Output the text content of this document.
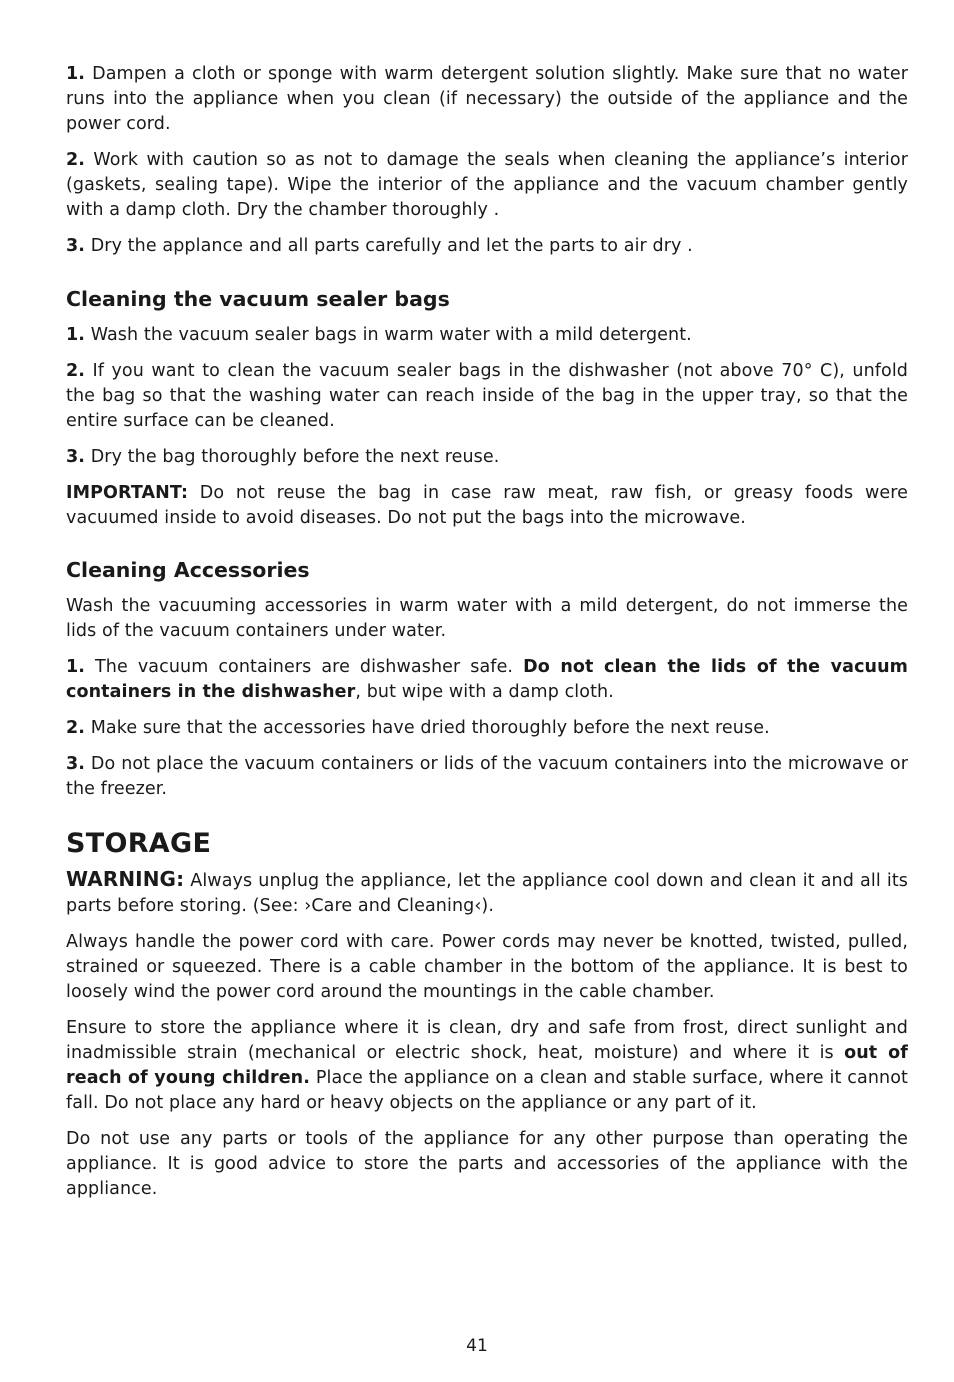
1. Dampen a cloth or sponge with warm detergent solution slightly. Make sure that no water runs into the appliance when you clean (if necessary) the outside of the appliance and the power cord.

2. Work with caution so as not to damage the seals when cleaning the appliance’s interior (gaskets, sealing tape). Wipe the interior of the appliance and the vacuum chamber gently with a damp cloth. Dry the chamber thoroughly .

3. Dry the applance and all parts carefully and let the parts to air dry .

Cleaning the vacuum sealer bags

1. Wash the vacuum sealer bags in warm water with a mild detergent.

2. If you want to clean the vacuum sealer bags in the dishwasher (not above 70° C), unfold the bag so that the washing water can reach inside of the bag in the upper tray, so that the entire surface can be cleaned.

3. Dry the bag thoroughly before the next reuse.

IMPORTANT: Do not reuse the bag in case raw meat, raw fish, or greasy foods were vacuumed inside to avoid diseases. Do not put the bags into the microwave.

Cleaning Accessories

Wash the vacuuming accessories in warm water with a mild detergent, do not immerse the lids of the vacuum containers under water.

1. The vacuum containers are dishwasher safe. Do not clean the lids of the vacuum containers in the dishwasher, but wipe with a damp cloth.

2. Make sure that the accessories have dried thoroughly before the next reuse.

3. Do not place the vacuum containers or lids of the vacuum containers into the microwave or the freezer.

STORAGE

WARNING: Always unplug the appliance, let the appliance cool down and clean it and all its parts before storing. (See: ›Care and Cleaning‹).

Always handle the power cord with care. Power cords may never be knotted, twisted, pulled, strained or squeezed. There is a cable chamber in the bottom of the appliance. It is best to loosely wind the power cord around the mountings in the cable chamber.

Ensure to store the appliance where it is clean, dry and safe from frost, direct sunlight and inadmissible strain (mechanical or electric shock, heat, moisture) and where it is out of reach of young children. Place the appliance on a clean and stable surface, where it cannot fall. Do not place any hard or heavy objects on the appliance or any part of it.

Do not use any parts or tools of the appliance for any other purpose than operating the appliance. It is good advice to store the parts and accessories of the appliance with the appliance.

41
